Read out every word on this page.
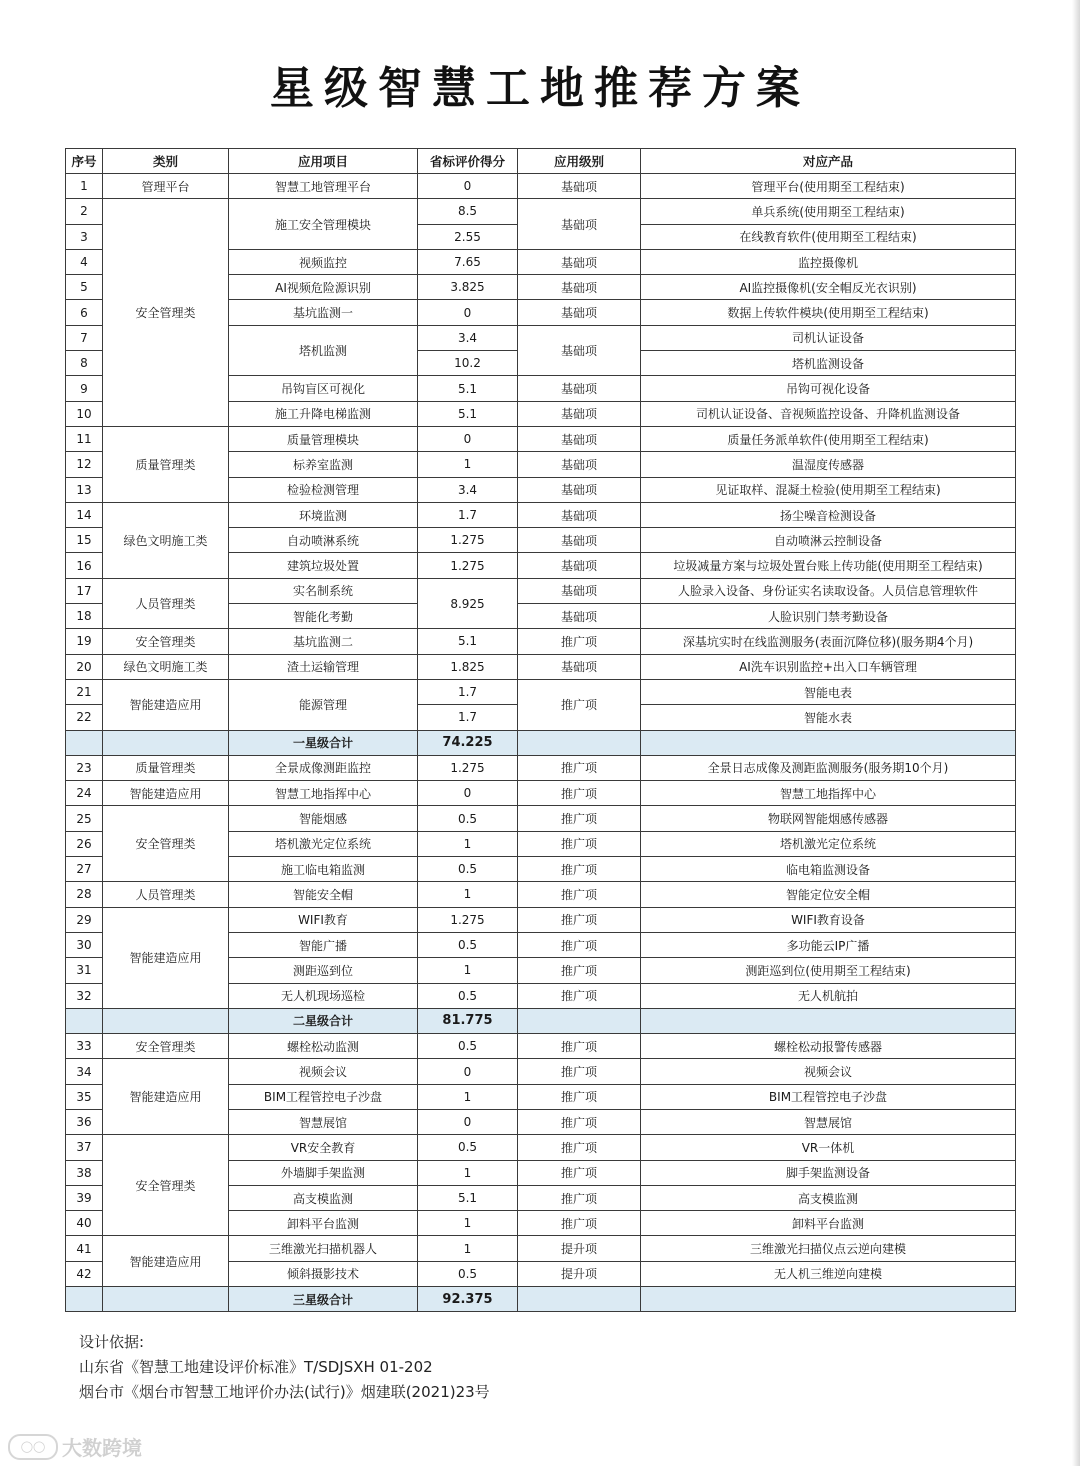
星级智慧工地推荐方案
序号	类别	应用项目	省标评价得分	应用级别	对应产品
1	管理平台	智慧工地管理平台	0	基础项	管理平台(使用期至工程结束)
2	安全管理类	施工安全管理模块	8.5	基础项	单兵系统(使用期至工程结束)
3			2.55		在线教育软件(使用期至工程结束)
4		视频监控	7.65	基础项	监控摄像机
5		AI视频危险源识别	3.825	基础项	AI监控摄像机(安全帽反光衣识别)
6		基坑监测一	0	基础项	数据上传软件模块(使用期至工程结束)
7		塔机监测	3.4	基础项	司机认证设备
8			10.2		塔机监测设备
9		吊钩盲区可视化	5.1	基础项	吊钩可视化设备
10		施工升降电梯监测	5.1	基础项	司机认证设备、音视频监控设备、升降机监测设备
11	质量管理类	质量管理模块	0	基础项	质量任务派单软件(使用期至工程结束)
12		标养室监测	1	基础项	温湿度传感器
13		检验检测管理	3.4	基础项	见证取样、混凝土检验(使用期至工程结束)
14	绿色文明施工类	环境监测	1.7	基础项	扬尘噪音检测设备
15		自动喷淋系统	1.275	基础项	自动喷淋云控制设备
16		建筑垃圾处置	1.275	基础项	垃圾减量方案与垃圾处置台账上传功能(使用期至工程结束)
17	人员管理类	实名制系统	8.925	基础项	人脸录入设备、身份证实名读取设备。人员信息管理软件
18		智能化考勤		基础项	人脸识别门禁考勤设备
19	安全管理类	基坑监测二	5.1	推广项	深基坑实时在线监测服务(表面沉降位移)(服务期4个月)
20	绿色文明施工类	渣土运输管理	1.825	基础项	AI洗车识别监控+出入口车辆管理
21	智能建造应用	能源管理	1.7	推广项	智能电表
22			1.7		智能水表
		一星级合计	74.225		
23	质量管理类	全景成像测距监控	1.275	推广项	全景日志成像及测距监测服务(服务期10个月)
24	智能建造应用	智慧工地指挥中心	0	推广项	智慧工地指挥中心
25	安全管理类	智能烟感	0.5	推广项	物联网智能烟感传感器
26		塔机激光定位系统	1	推广项	塔机激光定位系统
27		施工临电箱监测	0.5	推广项	临电箱监测设备
28	人员管理类	智能安全帽	1	推广项	智能定位安全帽
29	智能建造应用	WIFI教育	1.275	推广项	WIFI教育设备
30		智能广播	0.5	推广项	多功能云IP广播
31		测距巡到位	1	推广项	测距巡到位(使用期至工程结束)
32		无人机现场巡检	0.5	推广项	无人机航拍
		二星级合计	81.775		
33	安全管理类	螺栓松动监测	0.5	推广项	螺栓松动报警传感器
34	智能建造应用	视频会议	0	推广项	视频会议
35		BIM工程管控电子沙盘	1	推广项	BIM工程管控电子沙盘
36		智慧展馆	0	推广项	智慧展馆
37	安全管理类	VR安全教育	0.5	推广项	VR一体机
38		外墙脚手架监测	1	推广项	脚手架监测设备
39		高支模监测	5.1	推广项	高支模监测
40		卸料平台监测	1	推广项	卸料平台监测
41	智能建造应用	三维激光扫描机器人	1	提升项	三维激光扫描仪点云逆向建模
42		倾斜摄影技术	0.5	提升项	无人机三维逆向建模
		三星级合计	92.375		
设计依据:
山东省《智慧工地建设评价标准》T/SDJSXH 01-202
烟台市《烟台市智慧工地评价办法(试行)》烟建联(2021)23号
◯◯ 大数跨境
